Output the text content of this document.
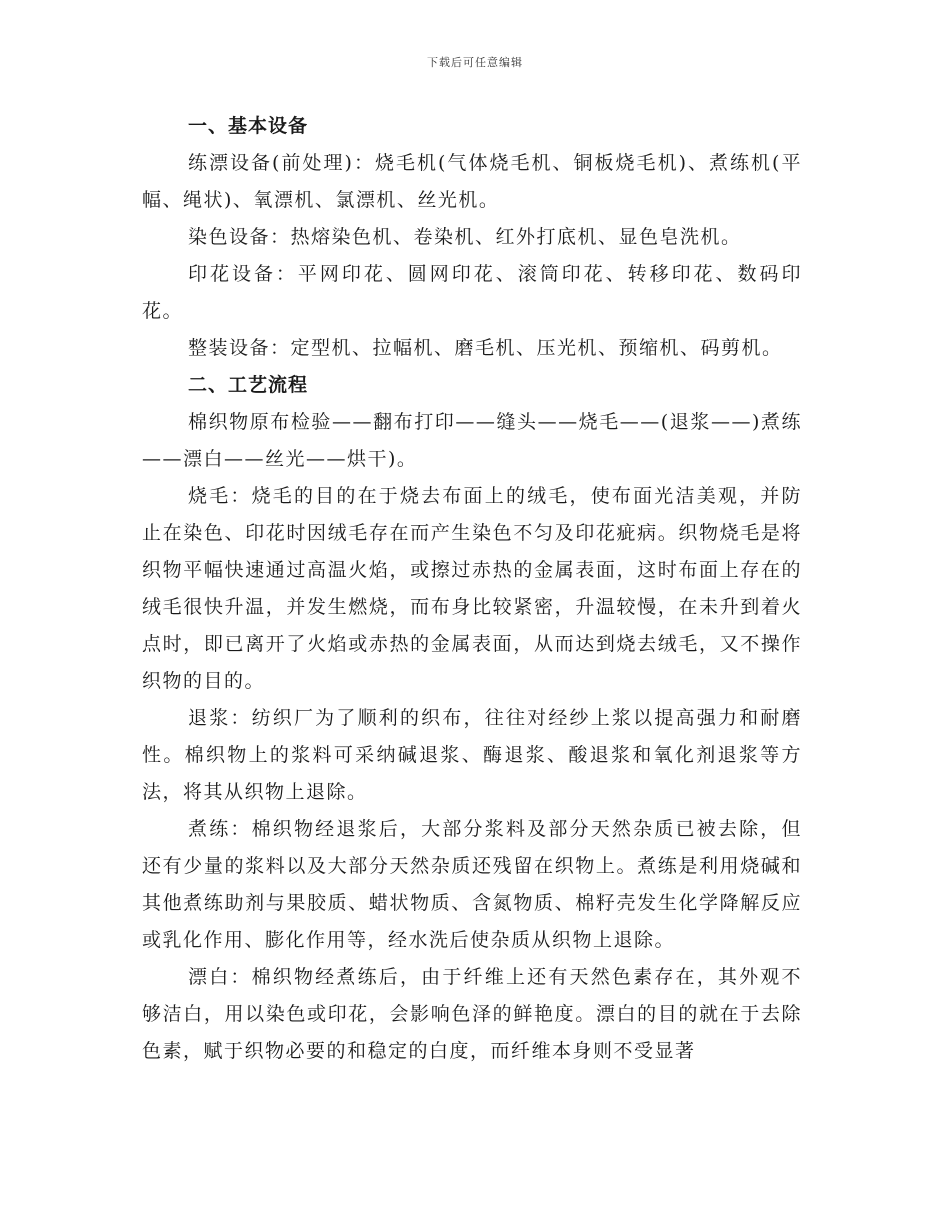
下载后可任意编辑

一、基本设备

练漂设备(前处理)：烧毛机(气体烧毛机、铜板烧毛机)、煮练机(平幅、绳状)、氧漂机、氯漂机、丝光机。

染色设备：热熔染色机、卷染机、红外打底机、显色皂洗机。

印花设备：平网印花、圆网印花、滚筒印花、转移印花、数码印花。

整装设备：定型机、拉幅机、磨毛机、压光机、预缩机、码剪机。

二、工艺流程

棉织物原布检验——翻布打印——缝头——烧毛——(退浆——)煮练——漂白——丝光——烘干)。

烧毛：烧毛的目的在于烧去布面上的绒毛，使布面光洁美观，并防止在染色、印花时因绒毛存在而产生染色不匀及印花疵病。织物烧毛是将织物平幅快速通过高温火焰，或擦过赤热的金属表面，这时布面上存在的绒毛很快升温，并发生燃烧，而布身比较紧密，升温较慢，在未升到着火点时，即已离开了火焰或赤热的金属表面，从而达到烧去绒毛，又不操作织物的目的。

退浆：纺织厂为了顺利的织布，往往对经纱上浆以提高强力和耐磨性。棉织物上的浆料可采纳碱退浆、酶退浆、酸退浆和氧化剂退浆等方法，将其从织物上退除。

煮练：棉织物经退浆后，大部分浆料及部分天然杂质已被去除，但还有少量的浆料以及大部分天然杂质还残留在织物上。煮练是利用烧碱和其他煮练助剂与果胶质、蜡状物质、含氮物质、棉籽壳发生化学降解反应或乳化作用、膨化作用等，经水洗后使杂质从织物上退除。

漂白：棉织物经煮练后，由于纤维上还有天然色素存在，其外观不够洁白，用以染色或印花，会影响色泽的鲜艳度。漂白的目的就在于去除色素，赋于织物必要的和稳定的白度，而纤维本身则不受显著
